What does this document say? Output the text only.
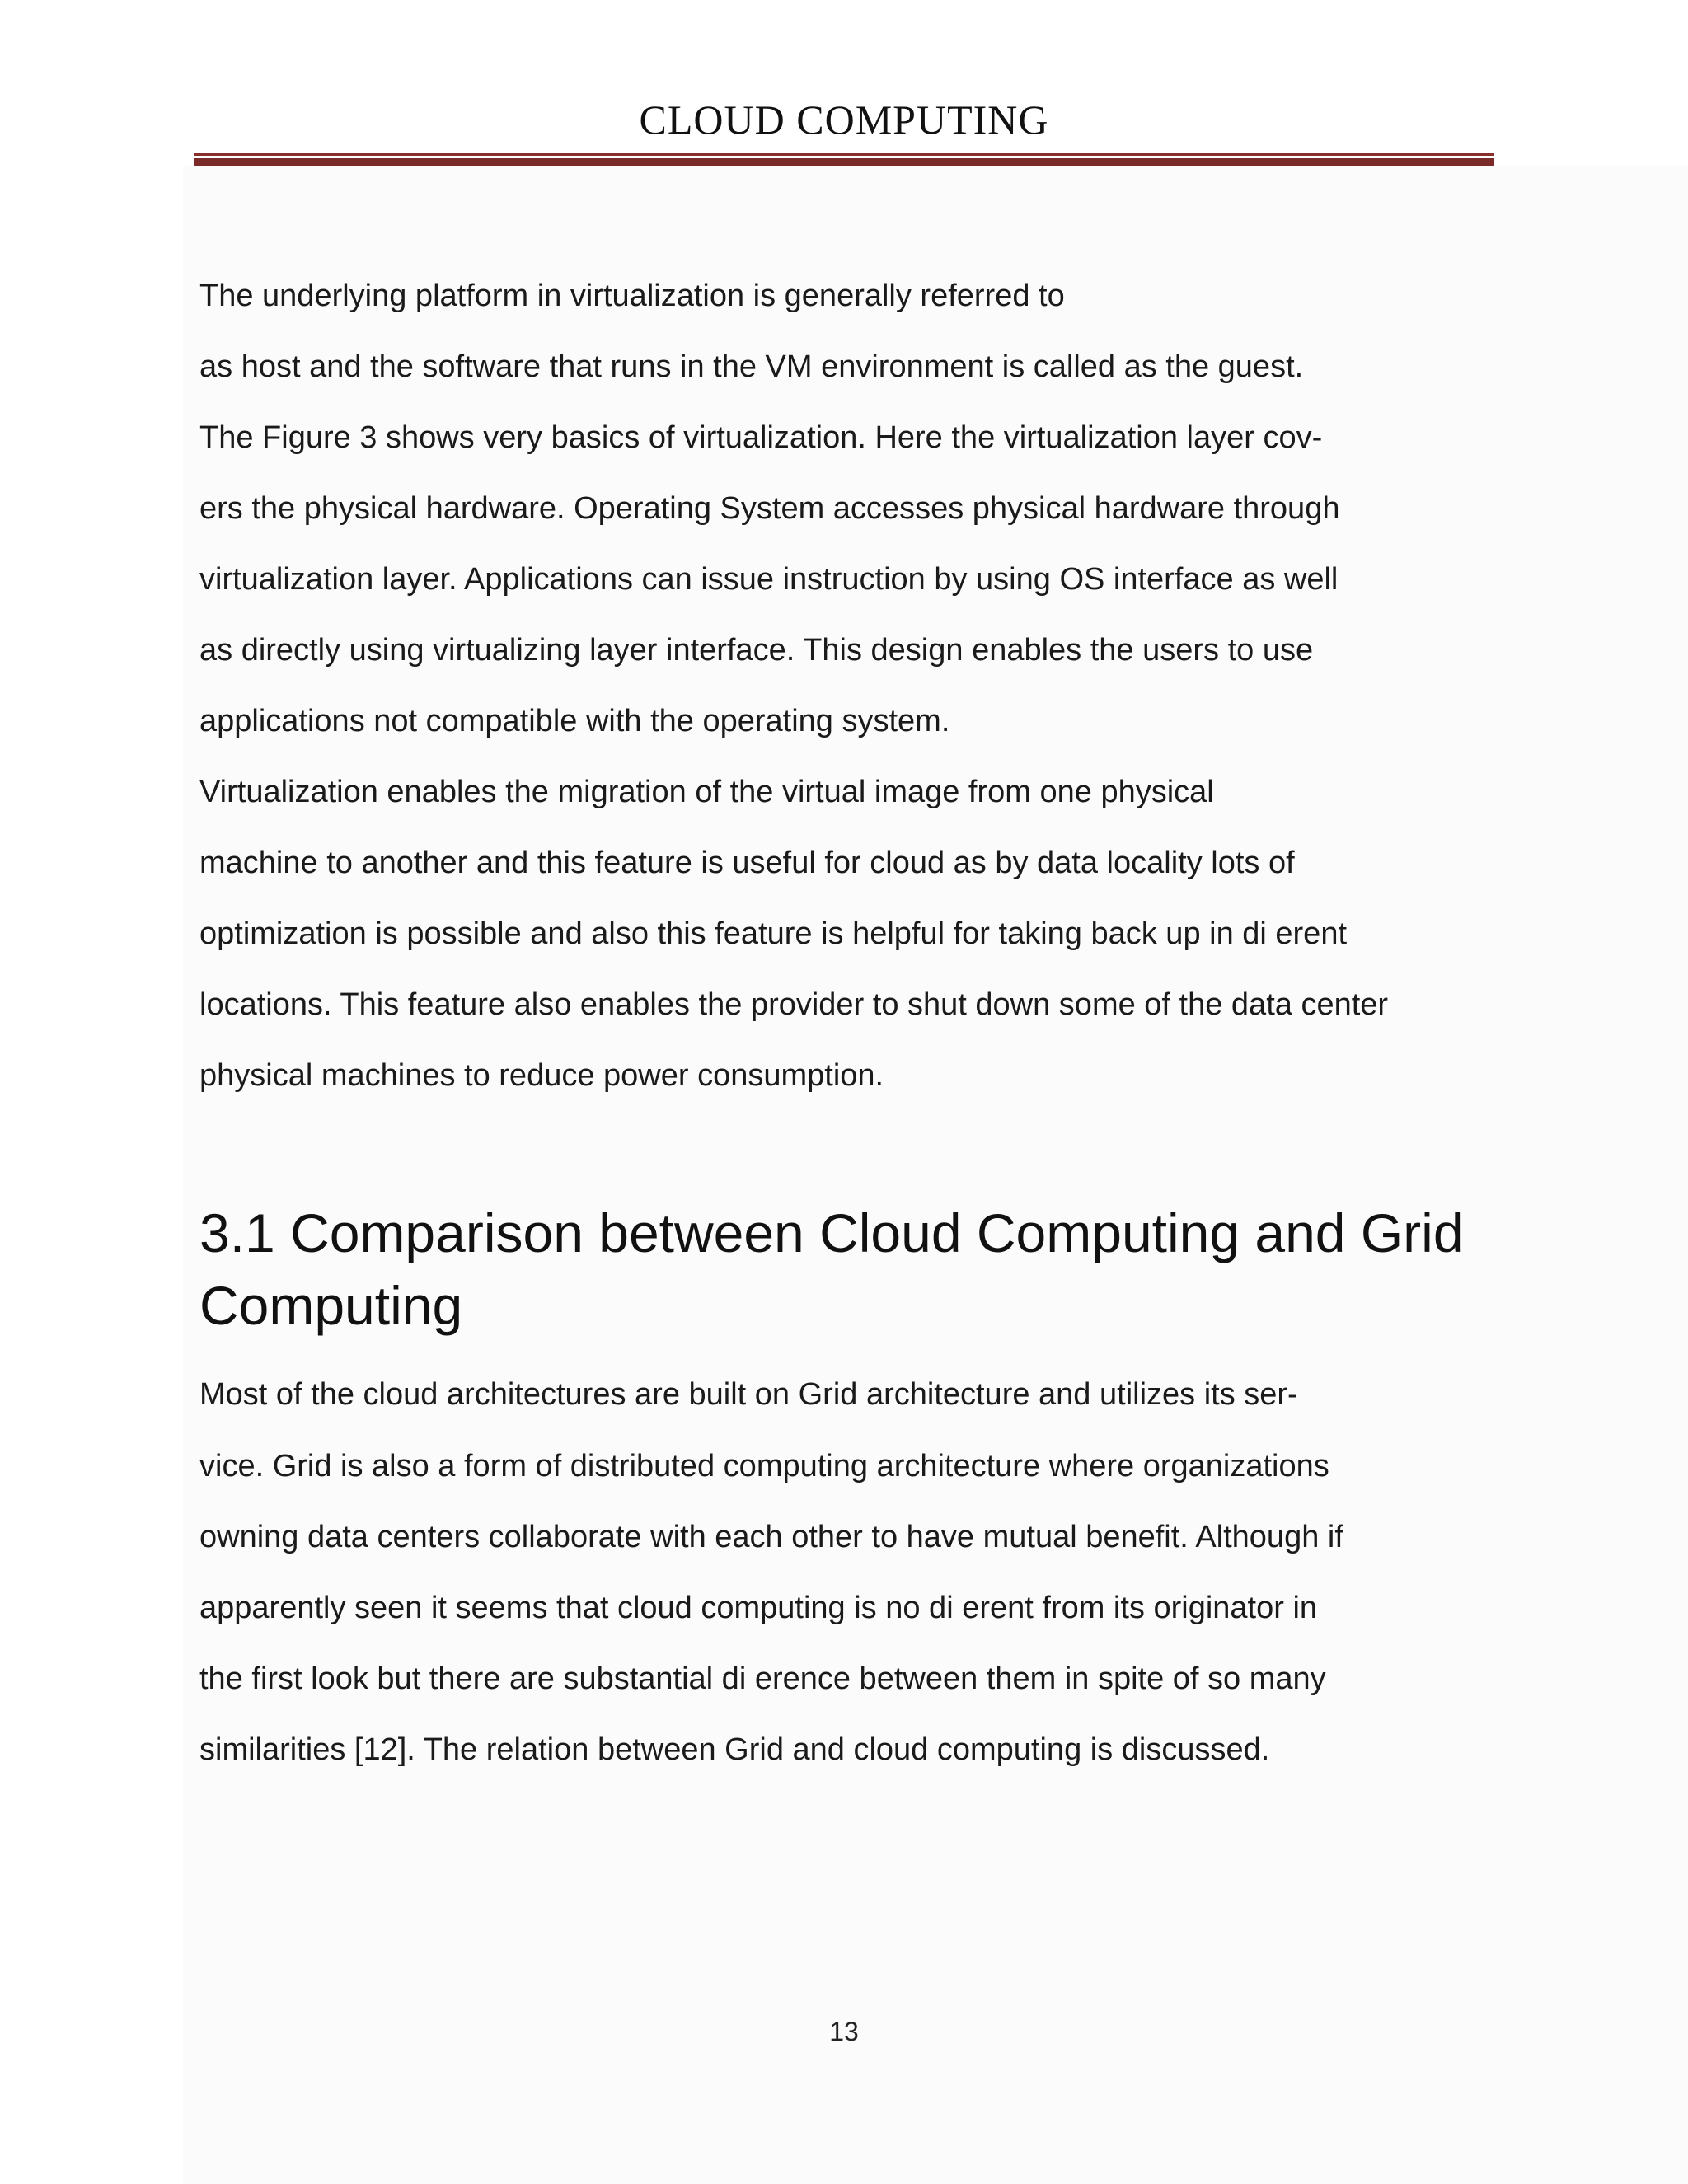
CLOUD COMPUTING
The underlying platform in virtualization is generally referred to
as host and the software that runs in the VM environment is called as the guest.
The Figure 3 shows very basics of virtualization. Here the virtualization layer cov-
ers the physical hardware. Operating System accesses physical hardware through
virtualization layer. Applications can issue instruction by using OS interface as well
as directly using virtualizing layer interface. This design enables the users to use
applications not compatible with the operating system.
Virtualization enables the migration of the virtual image from one physical
machine to another and this feature is useful for cloud as by data locality lots of
optimization is possible and also this feature is helpful for taking back up in di erent
locations. This feature also enables the provider to shut down some of the data center
physical machines to reduce power consumption.
3.1 Comparison between Cloud Computing and Grid
Computing
Most of the cloud architectures are built on Grid architecture and utilizes its ser-
vice. Grid is also a form of distributed computing architecture where organizations
owning data centers collaborate with each other to have mutual benefit. Although if
apparently seen it seems that cloud computing is no di erent from its originator in
the first look but there are substantial di erence between them in spite of so many
similarities [12]. The relation between Grid and cloud computing is discussed.
13
